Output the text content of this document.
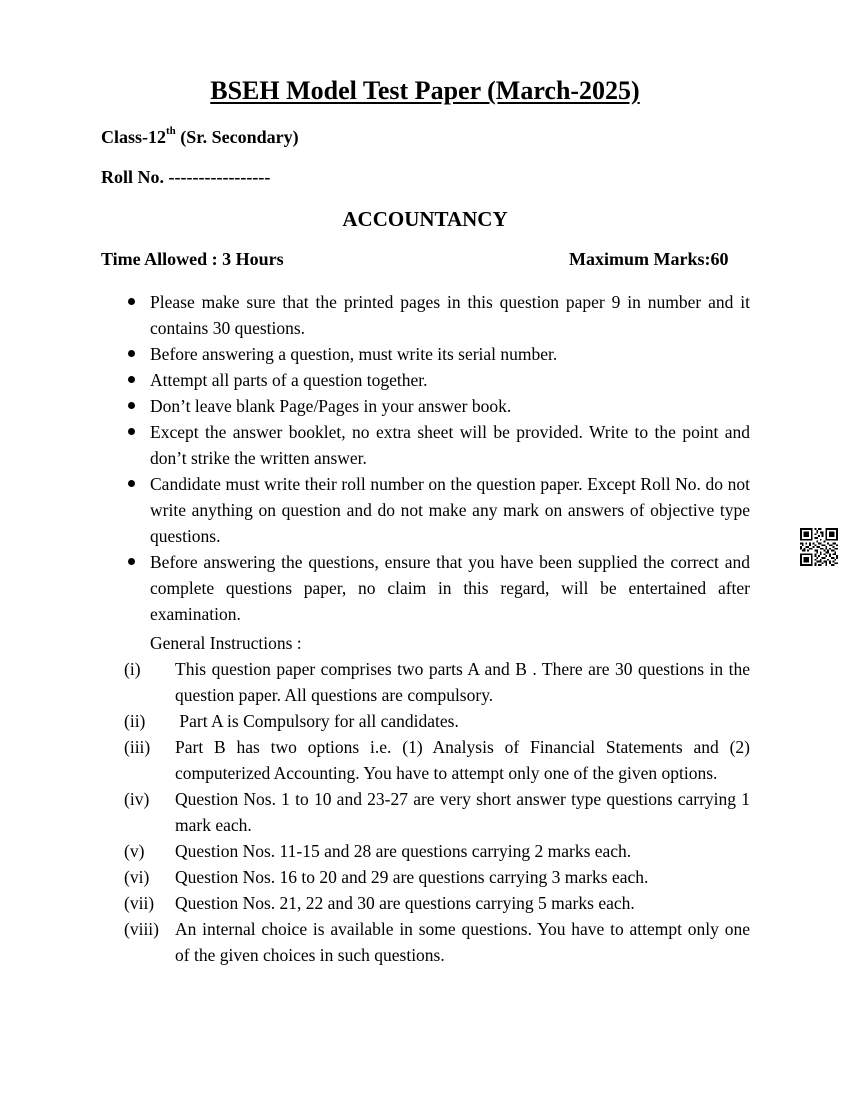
BSEH Model Test Paper (March-2025)
Class-12th (Sr. Secondary)
Roll No. -----------------
ACCOUNTANCY
Time Allowed : 3 Hours	Maximum Marks:60
Please make sure that the printed pages in this question paper 9 in number and it contains 30 questions.
Before answering a question, must write its serial number.
Attempt all parts of a question together.
Don’t leave blank Page/Pages in your answer book.
Except the answer booklet, no extra sheet will be provided. Write to the point and don’t strike the written answer.
Candidate must write their roll number on the question paper. Except Roll No. do not write anything on question and do not make any mark on answers of objective type questions.
Before answering the questions, ensure that you have been supplied the correct and complete questions paper, no claim in this regard, will be entertained after examination.
General Instructions :
(i) This question paper comprises two parts A and B . There are 30 questions in the question paper. All questions are compulsory.
(ii) Part A is Compulsory for all candidates.
(iii) Part B has two options i.e. (1) Analysis of Financial Statements and (2) computerized Accounting. You have to attempt only one of the given options.
(iv) Question Nos. 1 to 10 and 23-27 are very short answer type questions carrying 1 mark each.
(v) Question Nos. 11-15 and 28 are questions carrying 2 marks each.
(vi) Question Nos. 16 to 20 and 29 are questions carrying 3 marks each.
(vii) Question Nos. 21, 22 and 30 are questions carrying 5 marks each.
(viii) An internal choice is available in some questions. You have to attempt only one of the given choices in such questions.
